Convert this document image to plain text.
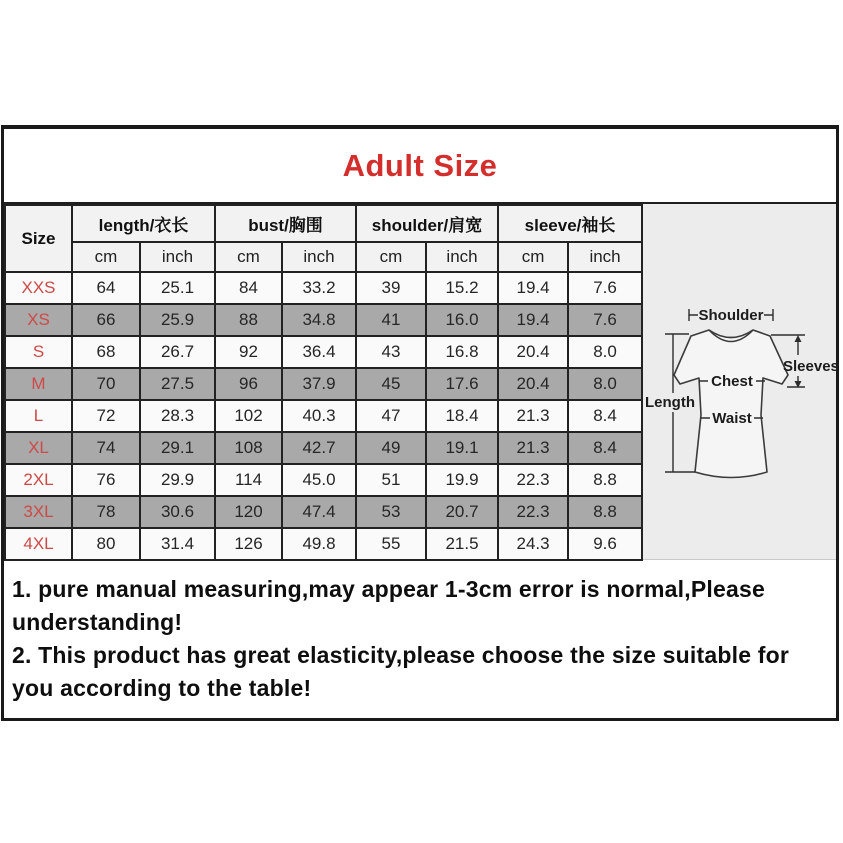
Adult Size
Size	length/衣长		bust/胸围		shoulder/肩宽		sleeve/袖长	
	cm	inch	cm	inch	cm	inch	cm	inch
XXS	64	25.1	84	33.2	39	15.2	19.4	7.6
XS	66	25.9	88	34.8	41	16.0	19.4	7.6
S	68	26.7	92	36.4	43	16.8	20.4	8.0
M	70	27.5	96	37.9	45	17.6	20.4	8.0
L	72	28.3	102	40.3	47	18.4	21.3	8.4
XL	74	29.1	108	42.7	49	19.1	21.3	8.4
2XL	76	29.9	114	45.0	51	19.9	22.3	8.8
3XL	78	30.6	120	47.4	53	20.7	22.3	8.8
4XL	80	31.4	126	49.8	55	21.5	24.3	9.6
Shoulder
Sleeves
Chest
Length
Waist

1. pure manual measuring,may appear 1-3cm error is normal,Please understanding!

2. This product has great elasticity,please choose the size suitable for you according to the table!
